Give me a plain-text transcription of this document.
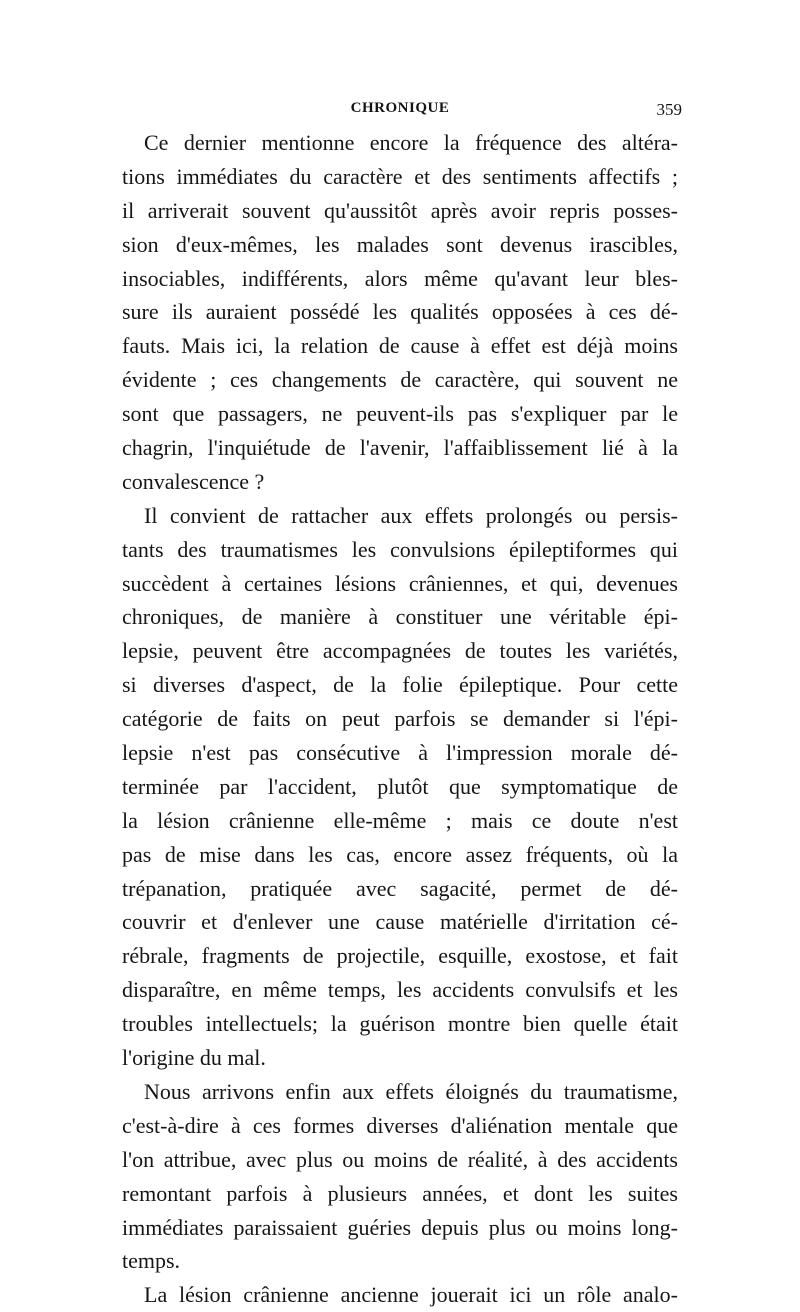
CHRONIQUE	359
Ce dernier mentionne encore la fréquence des altéra-
tions immédiates du caractère et des sentiments affectifs ;
il arriverait souvent qu'aussitôt après avoir repris posses-
sion d'eux-mêmes, les malades sont devenus irascibles,
insociables, indifférents, alors même qu'avant leur bles-
sure ils auraient possédé les qualités opposées à ces dé-
fauts. Mais ici, la relation de cause à effet est déjà moins
évidente ; ces changements de caractère, qui souvent ne
sont que passagers, ne peuvent-ils pas s'expliquer par le
chagrin, l'inquiétude de l'avenir, l'affaiblissement lié à la
convalescence ?
Il convient de rattacher aux effets prolongés ou persis-
tants des traumatismes les convulsions épileptiformes qui
succèdent à certaines lésions crâniennes, et qui, devenues
chroniques, de manière à constituer une véritable épi-
lepsie, peuvent être accompagnées de toutes les variétés,
si diverses d'aspect, de la folie épileptique. Pour cette
catégorie de faits on peut parfois se demander si l'épi-
lepsie n'est pas consécutive à l'impression morale dé-
terminée par l'accident, plutôt que symptomatique de
la lésion crânienne elle-même ; mais ce doute n'est
pas de mise dans les cas, encore assez fréquents, où la
trépanation, pratiquée avec sagacité, permet de dé-
couvrir et d'enlever une cause matérielle d'irritation cé-
rébrale, fragments de projectile, esquille, exostose, et fait
disparaître, en même temps, les accidents convulsifs et les
troubles intellectuels; la guérison montre bien quelle était
l'origine du mal.
Nous arrivons enfin aux effets éloignés du traumatisme,
c'est-à-dire à ces formes diverses d'aliénation mentale que
l'on attribue, avec plus ou moins de réalité, à des accidents
remontant parfois à plusieurs années, et dont les suites
immédiates paraissaient guéries depuis plus ou moins long-
temps.
La lésion crânienne ancienne jouerait ici un rôle analo-
